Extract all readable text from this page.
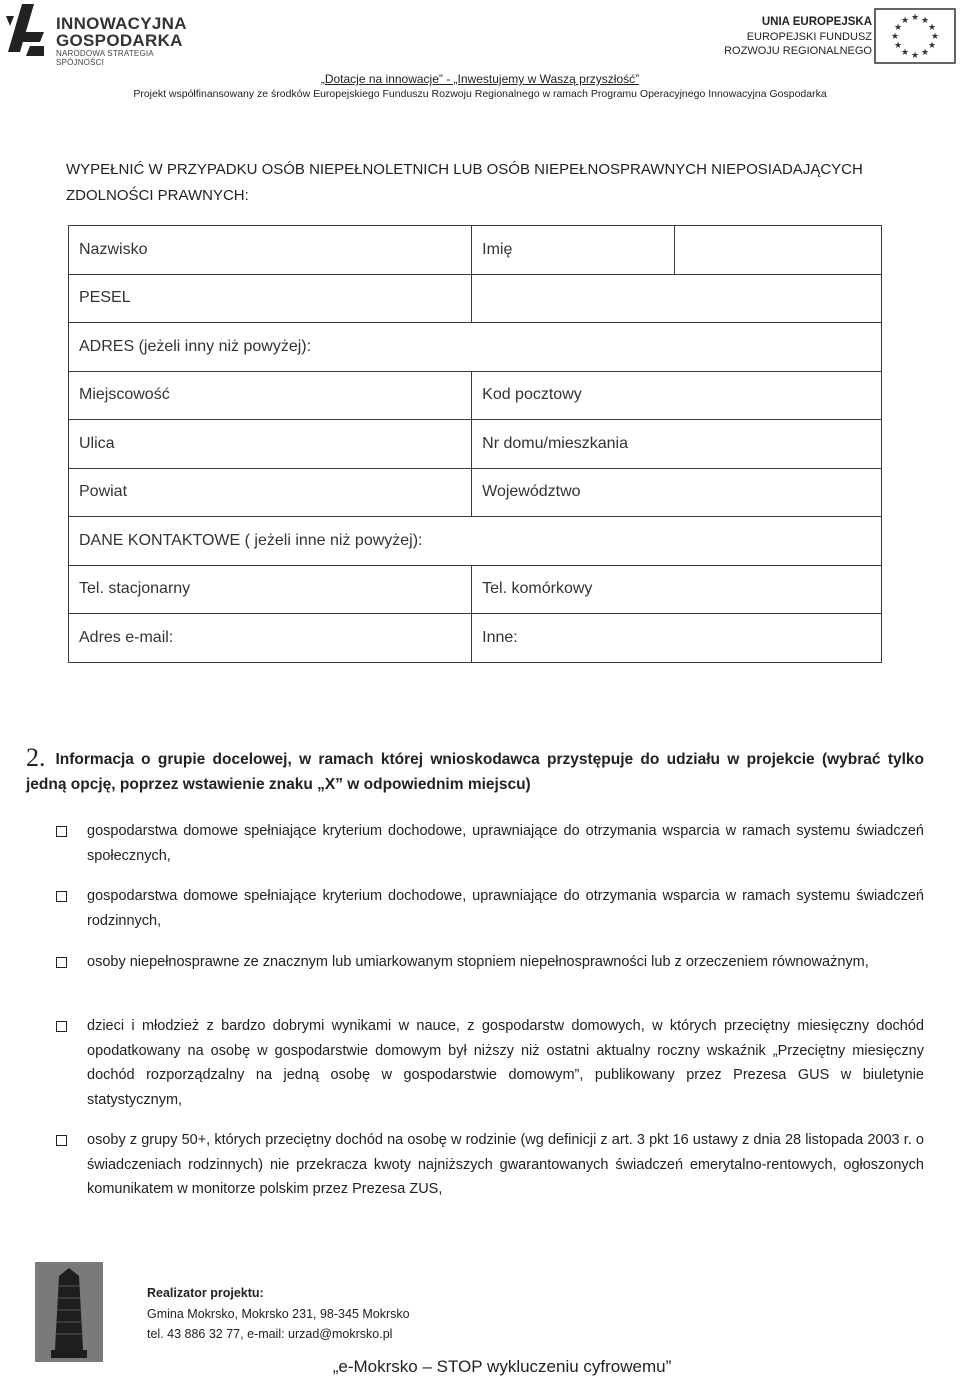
INNOWACYJNA
GOSPODARKA
NARODOWA STRATEGIA SPÓJNOŚCI
UNIA EUROPEJSKA
EUROPEJSKI FUNDUSZ
ROZWOJU REGIONALNEGO
★ ★
★
★
★
★
★
★
★
★
★
★
„Dotacje na innowacje” - „Inwestujemy w Waszą przyszłość”
Projekt współfinansowany ze środków Europejskiego Funduszu Rozwoju Regionalnego w ramach Programu Operacyjnego Innowacyjna Gospodarka
WYPEŁNIĆ W PRZYPADKU OSÓB NIEPEŁNOLETNICH LUB OSÓB NIEPEŁNOSPRAWNYCH NIEPOSIADAJĄCYCH ZDOLNOŚCI PRAWNYCH:
Nazwisko	Imię	

PESEL		

ADRES (jeżeli inny niż powyżej):		
Miejscowość	Kod pocztowy	
Ulica	Nr domu/mieszkania	
Powiat	Województwo	
DANE KONTAKTOWE ( jeżeli inne niż powyżej):		
Tel. stacjonarny	Tel. komórkowy	
Adres e-mail:	Inne:	
2. Informacja o grupie docelowej, w ramach której wnioskodawca przystępuje do udziału w projekcie (wybrać tylko jedną opcję, poprzez wstawienie znaku „X” w odpowiednim miejscu)
gospodarstwa domowe spełniające kryterium dochodowe, uprawniające do otrzymania wsparcia w ramach systemu świadczeń społecznych,
gospodarstwa domowe spełniające kryterium dochodowe, uprawniające do otrzymania wsparcia w ramach systemu świadczeń rodzinnych,
osoby niepełnosprawne ze znacznym lub umiarkowanym stopniem niepełnosprawności lub z orzeczeniem równoważnym,
dzieci i młodzież z bardzo dobrymi wynikami w nauce, z gospodarstw domowych, w których przeciętny miesięczny dochód opodatkowany na osobę w gospodarstwie domowym był niższy niż ostatni aktualny roczny wskaźnik „Przeciętny miesięczny dochód rozporządzalny na jedną osobę w gospodarstwie domowym”, publikowany przez Prezesa GUS w biuletynie statystycznym,
osoby z grupy 50+, których przeciętny dochód na osobę w rodzinie (wg definicji z art. 3 pkt 16 ustawy z dnia 28 listopada 2003 r. o świadczeniach rodzinnych) nie przekracza kwoty najniższych gwarantowanych świadczeń emerytalno-rentowych, ogłoszonych komunikatem w monitorze polskim przez Prezesa ZUS,
Realizator projektu:
Gmina Mokrsko, Mokrsko 231, 98-345 Mokrsko
tel. 43 886 32 77, e-mail: urzad@mokrsko.pl
„e-Mokrsko – STOP wykluczeniu cyfrowemu”
